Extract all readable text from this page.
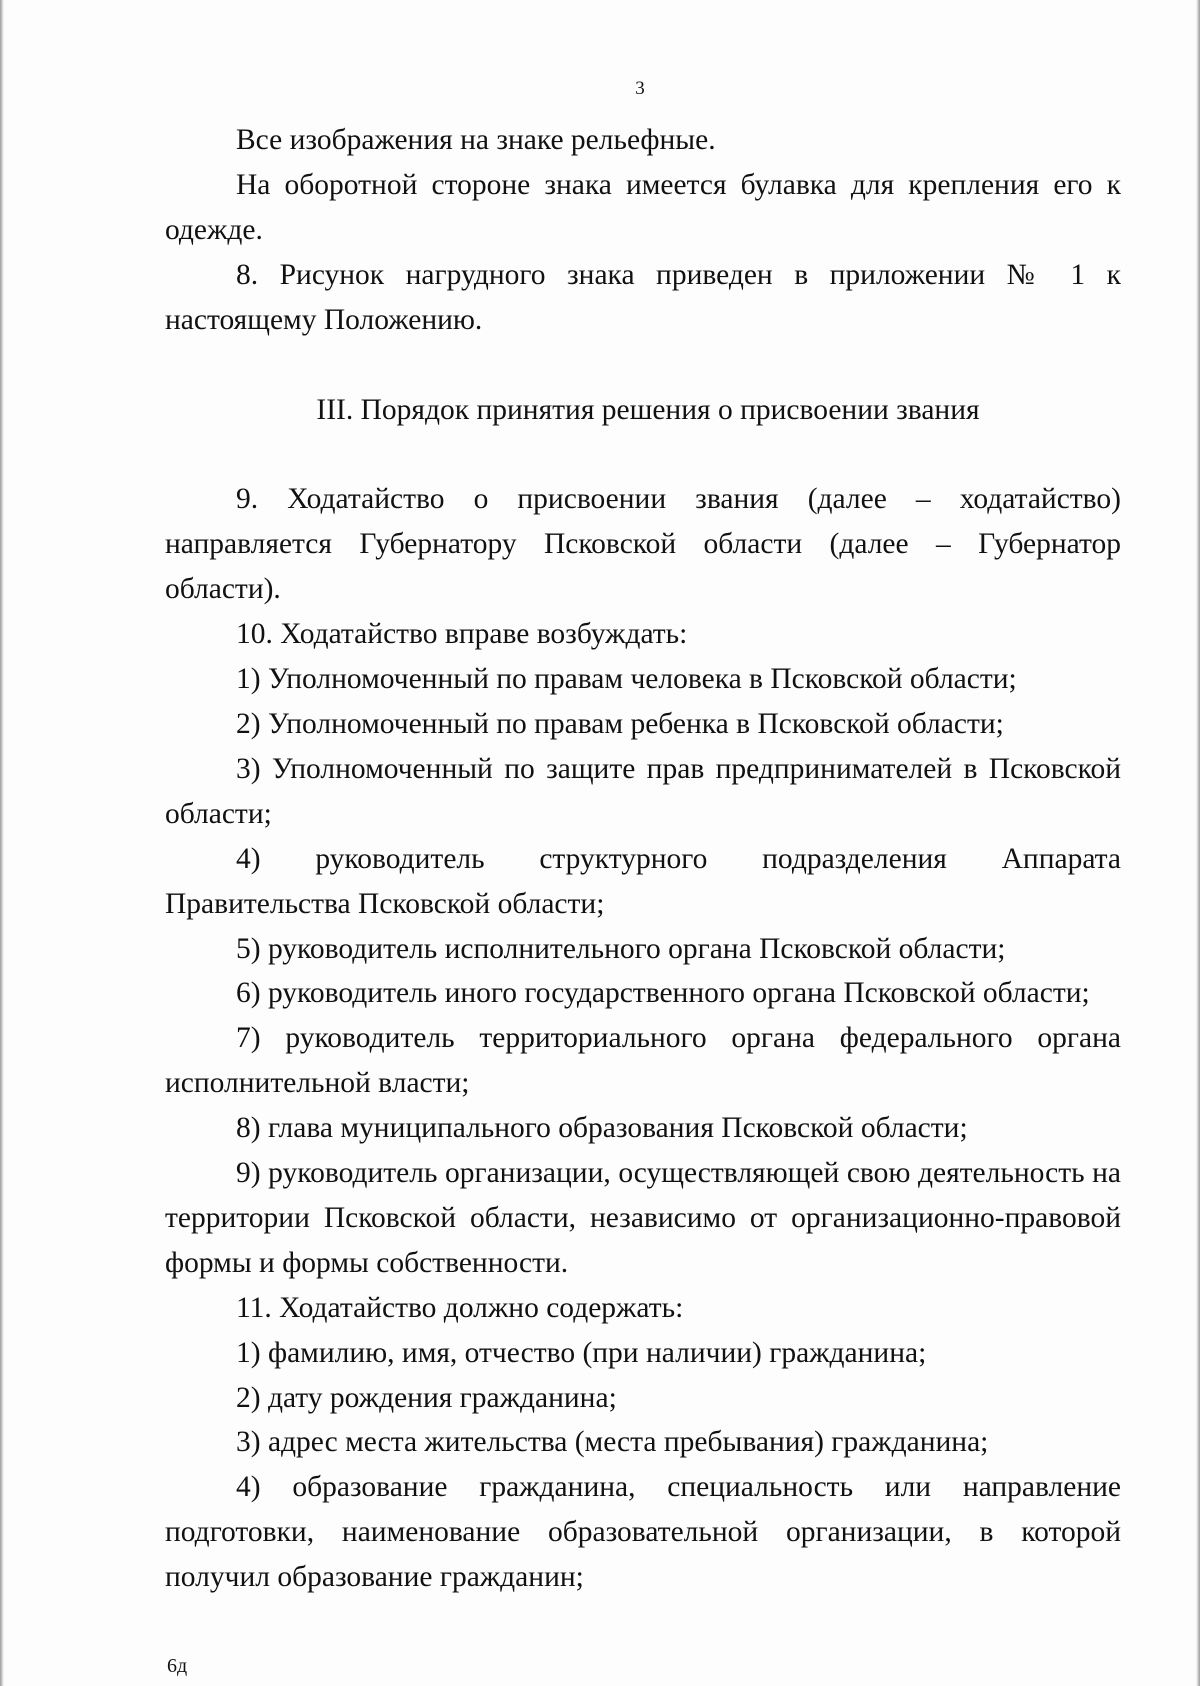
3

Все изображения на знаке рельефные.

На оборотной стороне знака имеется булавка для крепления его к одежде.

8. Рисунок нагрудного знака приведен в приложении № 1 к настоящему Положению.

III. Порядок принятия решения о присвоении звания

9. Ходатайство о присвоении звания (далее – ходатайство) направляется Губернатору Псковской области (далее – Губернатор области).

10. Ходатайство вправе возбуждать:

1) Уполномоченный по правам человека в Псковской области;

2) Уполномоченный по правам ребенка в Псковской области;

3) Уполномоченный по защите прав предпринимателей в Псковской области;

4) руководитель структурного подразделения Аппарата Правительства Псковской области;

5) руководитель исполнительного органа Псковской области;

6) руководитель иного государственного органа Псковской области;

7) руководитель территориального органа федерального органа исполнительной власти;

8) глава муниципального образования Псковской области;

9) руководитель организации, осуществляющей свою деятельность на территории Псковской области, независимо от организационно-правовой формы и формы собственности.

11. Ходатайство должно содержать:

1) фамилию, имя, отчество (при наличии) гражданина;

2) дату рождения гражданина;

3) адрес места жительства (места пребывания) гражданина;

4) образование гражданина, специальность или направление подготовки, наименование образовательной организации, в которой получил образование гражданин;

6д
